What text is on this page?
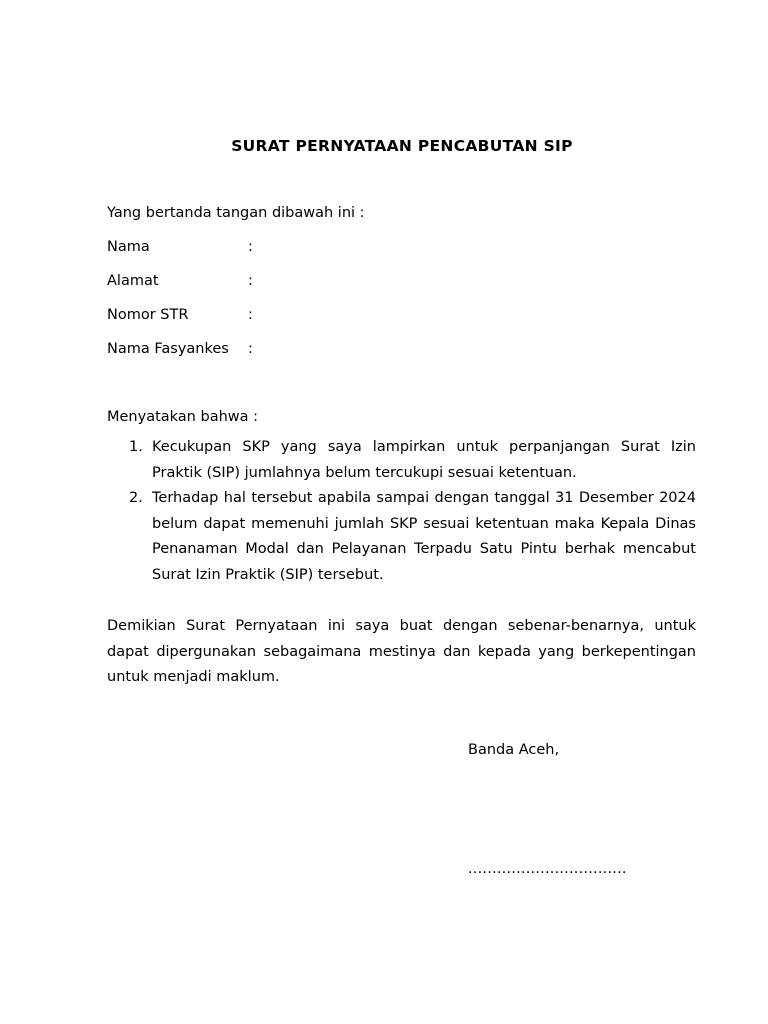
SURAT PERNYATAAN PENCABUTAN SIP
Yang bertanda tangan dibawah ini :
Nama	:
Alamat	:
Nomor STR	:
Nama Fasyankes :
Menyatakan bahwa :
1. Kecukupan SKP yang saya lampirkan untuk perpanjangan Surat Izin Praktik (SIP) jumlahnya belum tercukupi sesuai ketentuan.
2. Terhadap hal tersebut apabila sampai dengan tanggal 31 Desember 2024 belum dapat memenuhi jumlah SKP sesuai ketentuan maka Kepala Dinas Penanaman Modal dan Pelayanan Terpadu Satu Pintu berhak mencabut Surat Izin Praktik (SIP) tersebut.
Demikian Surat Pernyataan ini saya buat dengan sebenar-benarnya, untuk dapat dipergunakan sebagaimana mestinya dan kepada yang berkepentingan untuk menjadi maklum.
Banda Aceh,
.................................
